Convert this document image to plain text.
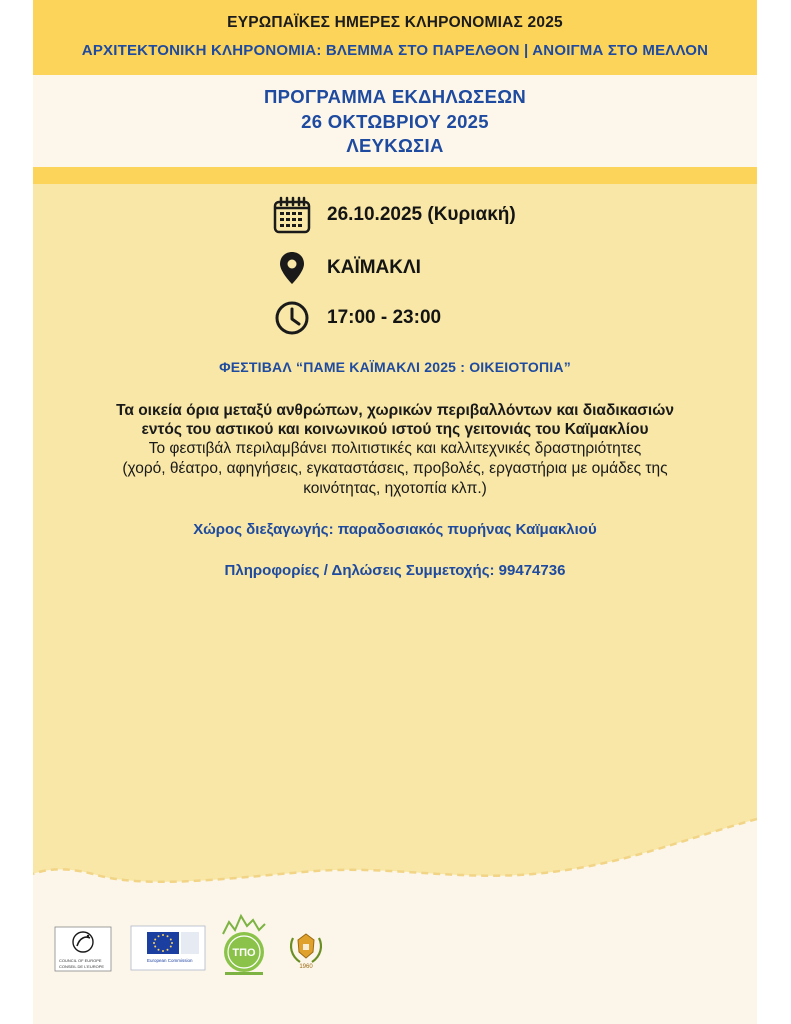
ΕΥΡΩΠΑΪΚΕΣ ΗΜΕΡΕΣ ΚΛΗΡΟΝΟΜΙΑΣ 2025
ΑΡΧΙΤΕΚΤΟΝΙΚΗ ΚΛΗΡΟΝΟΜΙΑ: ΒΛΕΜΜΑ ΣΤΟ ΠΑΡΕΛΘΟΝ | ΑΝΟΙΓΜΑ ΣΤΟ ΜΕΛΛΟΝ
ΠΡΟΓΡΑΜΜΑ ΕΚΔΗΛΩΣΕΩΝ
26 ΟΚΤΩΒΡΙΟΥ 2025
ΛΕΥΚΩΣΙΑ
26.10.2025 (Κυριακή)
ΚΑΪΜΑΚΛΙ
17:00 - 23:00
ΦΕΣΤΙΒΑΛ “ΠΑΜΕ ΚΑΪΜΑΚΛΙ 2025 : ΟΙΚΕΙΟΤΟΠΙΑ”
Τα οικεία όρια μεταξύ ανθρώπων, χωρικών περιβαλλόντων και διαδικασιών
εντός του αστικού και κοινωνικού ιστού της γειτονιάς του Καϊμακλίου
Το φεστιβάλ περιλαμβάνει πολιτιστικές και καλλιτεχνικές δραστηριότητες
(χορό, θέατρο, αφηγήσεις, εγκαταστάσεις, προβολές, εργαστήρια με ομάδες της
κοινότητας, ηχοτοπία κλπ.)
Χώρος διεξαγωγής: παραδοσιακός πυρήνας Καϊμακλιού
Πληροφορίες / Δηλώσεις Συμμετοχής: 99474736
COUNCIL OF EUROPE
CONSEIL DE L'EUROPE
European Commission
ΤΠΟ
1960
